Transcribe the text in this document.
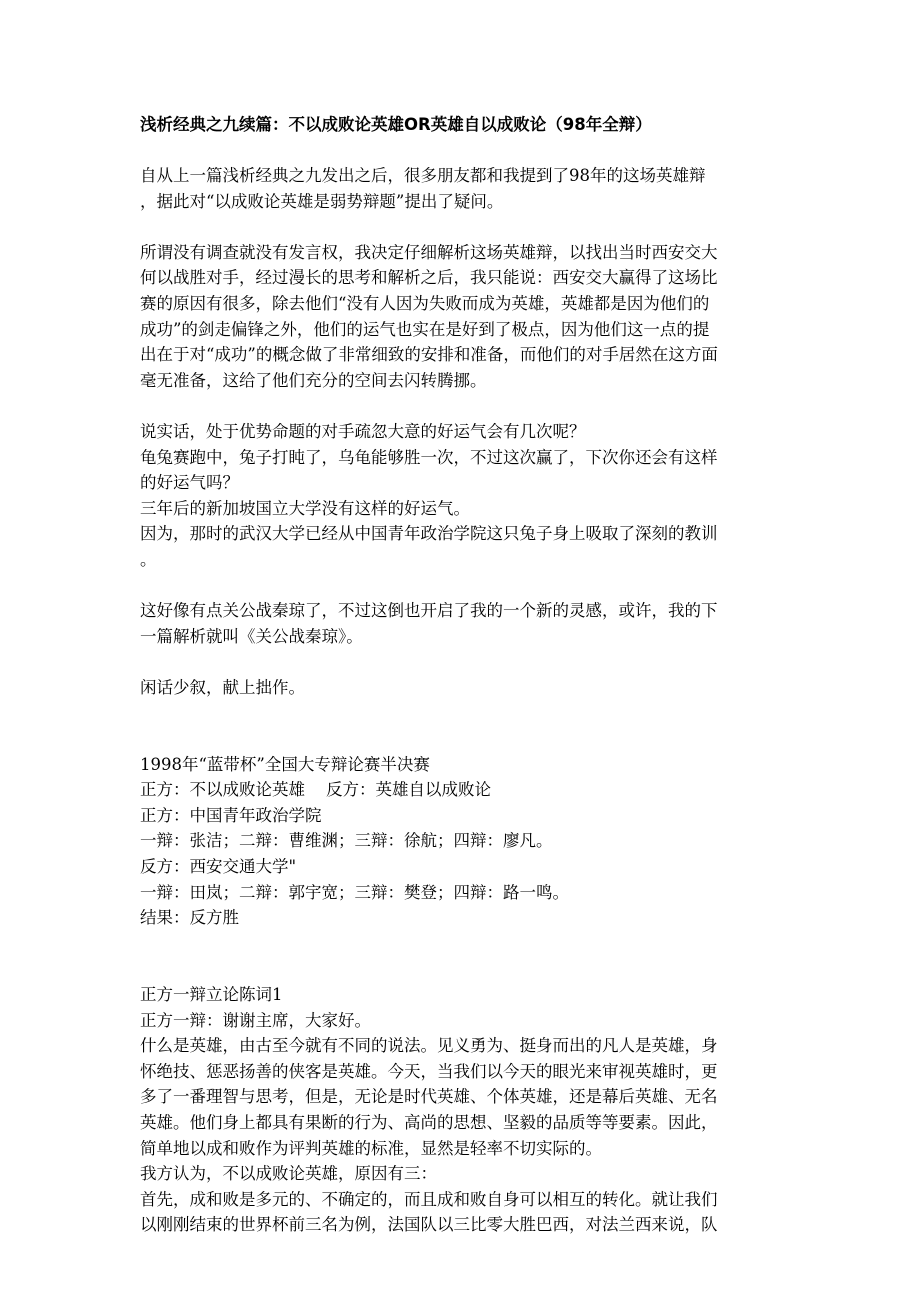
浅析经典之九续篇：不以成败论英雄OR英雄自以成败论（98年全辩）
自从上一篇浅析经典之九发出之后，很多朋友都和我提到了98年的这场英雄辩
，据此对“以成败论英雄是弱势辩题”提出了疑问。
所谓没有调查就没有发言权，我决定仔细解析这场英雄辩，以找出当时西安交大
何以战胜对手，经过漫长的思考和解析之后，我只能说：西安交大赢得了这场比
赛的原因有很多，除去他们“没有人因为失败而成为英雄，英雄都是因为他们的
成功”的剑走偏锋之外，他们的运气也实在是好到了极点，因为他们这一点的提
出在于对“成功”的概念做了非常细致的安排和准备，而他们的对手居然在这方面
毫无准备，这给了他们充分的空间去闪转腾挪。
说实话，处于优势命题的对手疏忽大意的好运气会有几次呢？
龟兔赛跑中，兔子打盹了，乌龟能够胜一次，不过这次赢了，下次你还会有这样
的好运气吗？
三年后的新加坡国立大学没有这样的好运气。
因为，那时的武汉大学已经从中国青年政治学院这只兔子身上吸取了深刻的教训
。
这好像有点关公战秦琼了，不过这倒也开启了我的一个新的灵感，或许，我的下
一篇解析就叫《关公战秦琼》。
闲话少叙，献上拙作。
1998年“蓝带杯”全国大专辩论赛半决赛
正方：不以成败论英雄    反方：英雄自以成败论
正方：中国青年政治学院
一辩：张洁；二辩：曹维渊；三辩：徐航；四辩：廖凡。
反方：西安交通大学"
一辩：田岚；二辩：郭宇宽；三辩：樊登；四辩：路一鸣。
结果：反方胜
正方一辩立论陈词1
正方一辩：谢谢主席，大家好。
什么是英雄，由古至今就有不同的说法。见义勇为、挺身而出的凡人是英雄，身
怀绝技、惩恶扬善的侠客是英雄。今天，当我们以今天的眼光来审视英雄时，更
多了一番理智与思考，但是，无论是时代英雄、个体英雄，还是幕后英雄、无名
英雄。他们身上都具有果断的行为、高尚的思想、坚毅的品质等等要素。因此，
简单地以成和败作为评判英雄的标准，显然是轻率不切实际的。
我方认为，不以成败论英雄，原因有三：
首先，成和败是多元的、不确定的，而且成和败自身可以相互的转化。就让我们
以刚刚结束的世界杯前三名为例，法国队以三比零大胜巴西，对法兰西来说，队
